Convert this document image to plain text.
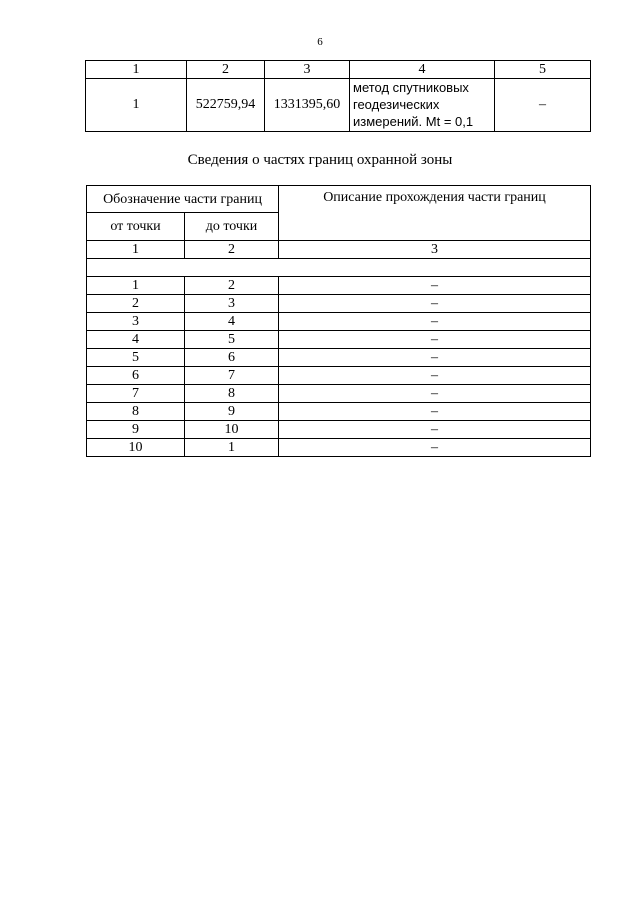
6
1	2	3	4	5
1	522759,94	1331395,60	метод спутниковых
геодезических
измерений. Mt = 0,1	–
Сведения о частях границ охранной зоны
Обозначение части границ		Описание прохождения части границ
от точки	до точки	
1	2	3

1	2	–
2	3	–
3	4	–
4	5	–
5	6	–
6	7	–
7	8	–
8	9	–
9	10	–
10	1	–
